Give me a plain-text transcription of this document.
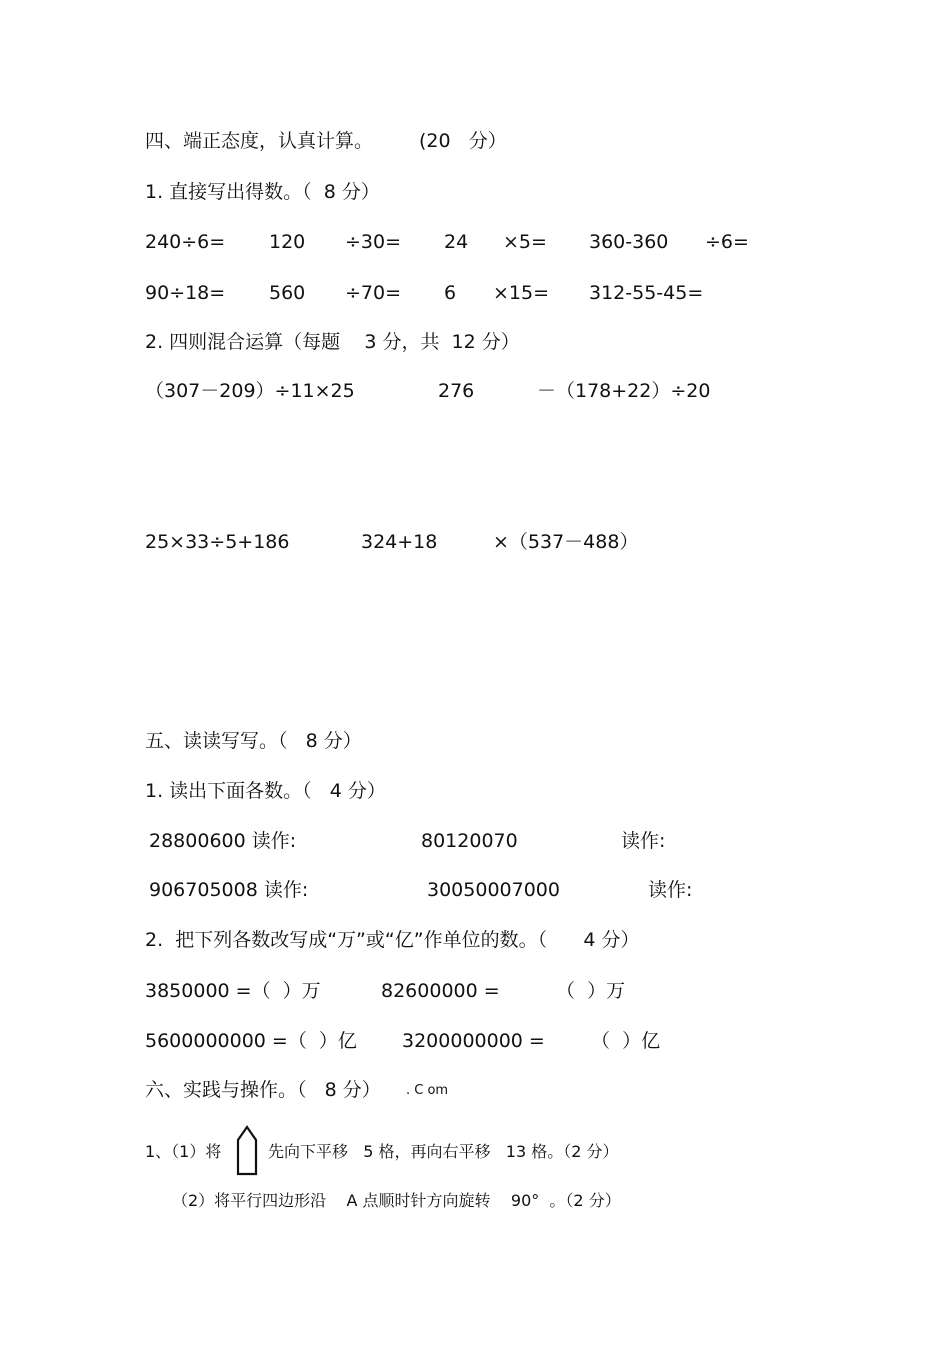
四、端正态度，认真计算。 (20   分）
1. 直接写出得数。（  8 分）
240÷6= 120 ÷30= 24 ×5= 360-360 ÷6=
90÷18= 560 ÷70= 6 ×15= 312-55-45=
2. 四则混合运算（每题    3 分，共  12 分）
（307－209）÷11×25	276	－（178+22）÷20
25×33÷5+186	324+18	×（537－488）
五、读读写写。（   8 分）
1. 读出下面各数。（   4 分）
28800600 读作:	80120070	读作:
906705008 读作:	30050007000	读作:
2.  把下列各数改写成“万”或“亿”作单位的数。（      4 分）
3850000 =（  ）万	82600000 =	（  ）万
5600000000 =（  ）亿 3200000000 = （  ）亿
六、实践与操作。（   8 分） . C om
1、（1）将	先向下平移   5 格，再向右平移   13 格。（2 分）
（2）将平行四边形沿    A 点顺时针方向旋转    90°  。（2 分）
